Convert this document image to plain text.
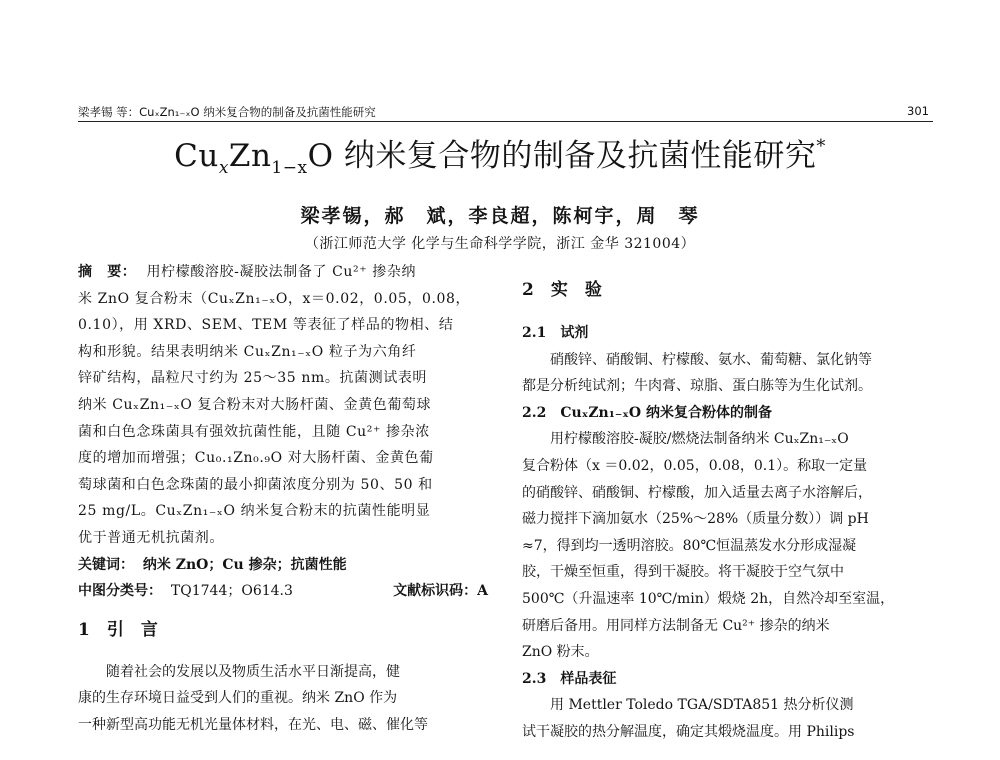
梁孝锡 等：CuₓZn₁₋ₓO 纳米复合物的制备及抗菌性能研究	301
$Cu_xZn_{1-x}O$ 纳米复合物的制备及抗菌性能研究*
梁孝锡，郝　斌，李良超，陈柯宇，周　琴
（浙江师范大学 化学与生命科学学院，浙江 金华 321004）
摘　要： 用柠檬酸溶胶-凝胶法制备了 Cu²⁺ 掺杂纳
米 ZnO 复合粉末（CuₓZn₁₋ₓO，x＝0.02，0.05，0.08，
0.10），用 XRD、SEM、TEM 等表征了样品的物相、结
构和形貌。结果表明纳米 CuₓZn₁₋ₓO 粒子为六角纤
锌矿结构，晶粒尺寸约为 25～35 nm。抗菌测试表明
纳米 CuₓZn₁₋ₓO 复合粉末对大肠杆菌、金黄色葡萄球
菌和白色念珠菌具有强效抗菌性能，且随 Cu²⁺ 掺杂浓
度的增加而增强；Cu₀.₁Zn₀.₉O 对大肠杆菌、金黄色葡
萄球菌和白色念珠菌的最小抑菌浓度分别为 50、50 和
25 mg/L。CuₓZn₁₋ₓO 纳米复合粉末的抗菌性能明显
优于普通无机抗菌剂。
关键词： 纳米 ZnO；Cu 掺杂；抗菌性能
中图分类号： TQ1744；O614.3	文献标识码：A
1　引　言
随着社会的发展以及物质生活水平日渐提高，健
康的生存环境日益受到人们的重视。纳米 ZnO 作为
一种新型高功能无机光量体材料，在光、电、磁、催化等
2　实　验
2.1　试剂
硝酸锌、硝酸铜、柠檬酸、氨水、葡萄糖、氯化钠等
都是分析纯试剂；牛肉膏、琼脂、蛋白胨等为生化试剂。
2.2　CuₓZn₁₋ₓO 纳米复合粉体的制备
用柠檬酸溶胶-凝胶/燃烧法制备纳米 CuₓZn₁₋ₓO
复合粉体（x ＝0.02，0.05，0.08，0.1）。称取一定量
的硝酸锌、硝酸铜、柠檬酸，加入适量去离子水溶解后，
磁力搅拌下滴加氨水（25%～28%（质量分数））调 pH
≈7，得到均一透明溶胶。80℃恒温蒸发水分形成湿凝
胶，干燥至恒重，得到干凝胶。将干凝胶于空气氛中
500℃（升温速率 10℃/min）煅烧 2h，自然冷却至室温，
研磨后备用。用同样方法制备无 Cu²⁺ 掺杂的纳米
ZnO 粉末。
2.3　样品表征
用 Mettler Toledo TGA/SDTA851 热分析仪测
试干凝胶的热分解温度，确定其煅烧温度。用 Philips
